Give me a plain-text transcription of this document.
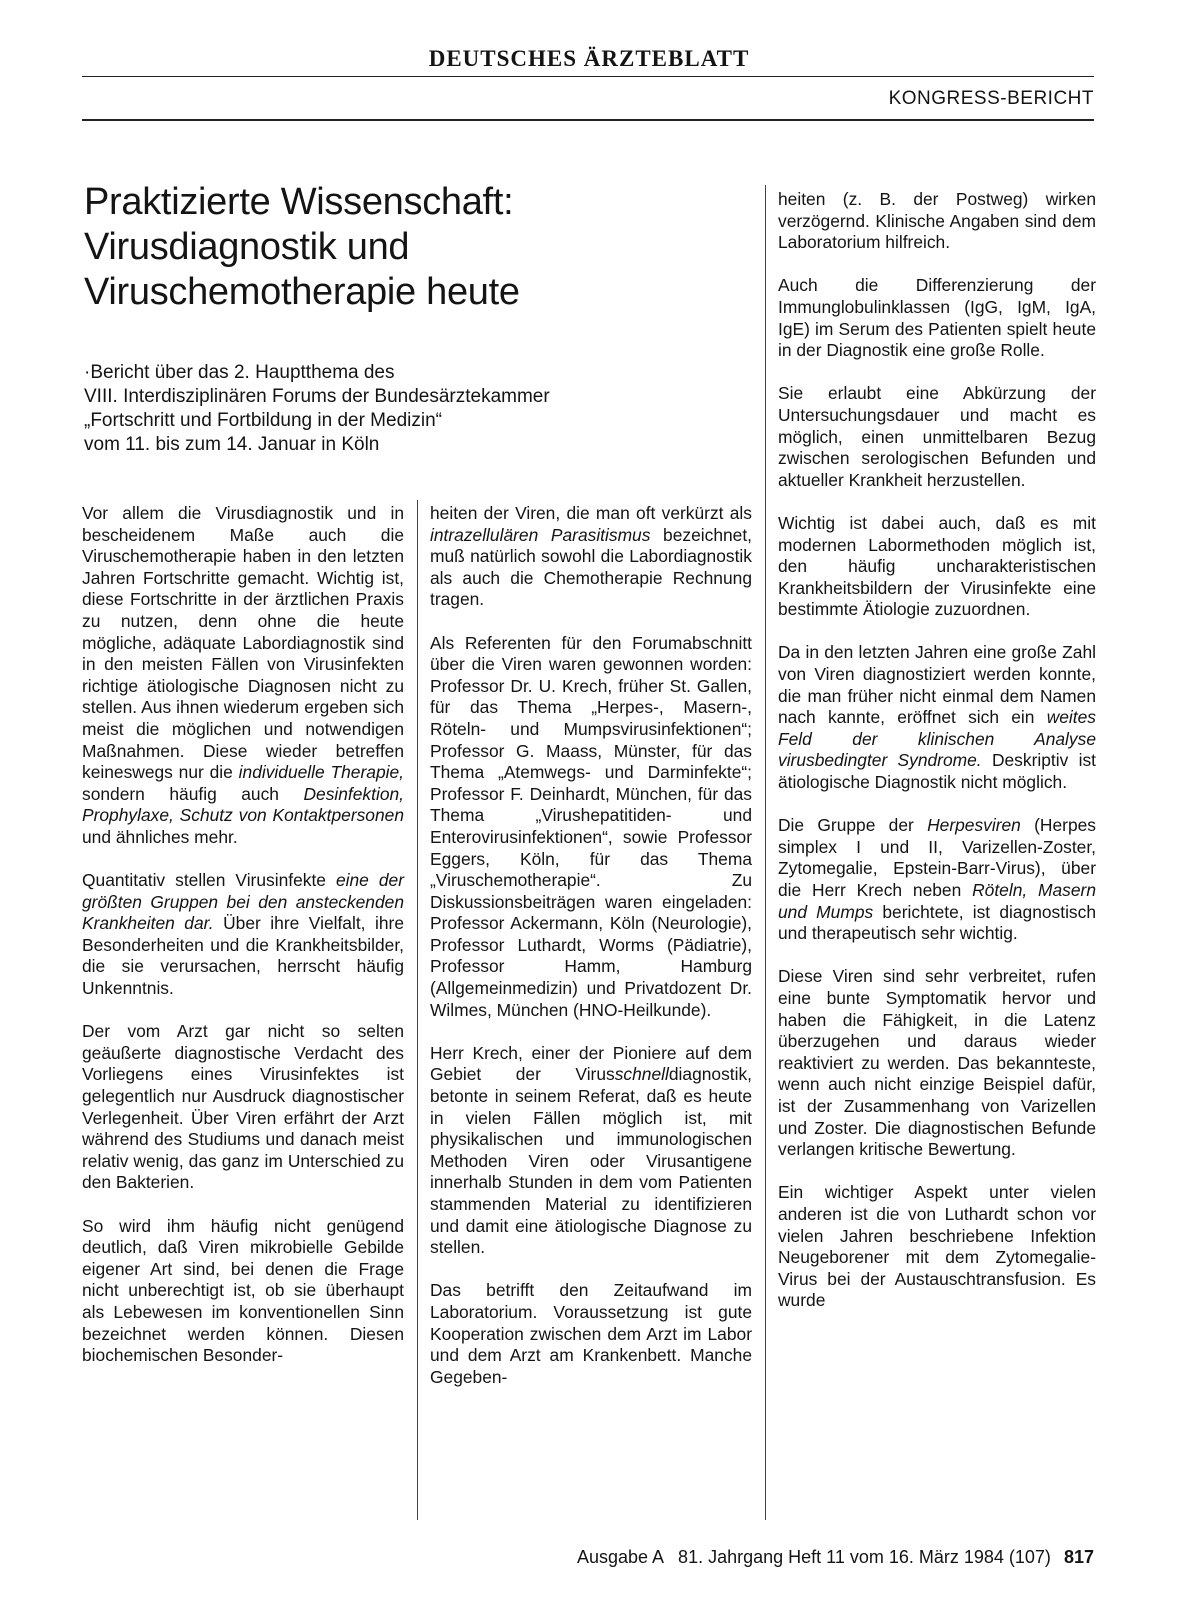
DEUTSCHES ÄRZTEBLATT
KONGRESS-BERICHT
Praktizierte Wissenschaft:
Virusdiagnostik und
Viruschemotherapie heute
·Bericht über das 2. Hauptthema des
VIII. Interdisziplinären Forums der Bundesärztekammer
„Fortschritt und Fortbildung in der Medizin“
vom 11. bis zum 14. Januar in Köln

Vor allem die Virusdiagnostik und in bescheidenem Maße auch die Viruschemotherapie haben in den letzten Jahren Fortschritte gemacht. Wichtig ist, diese Fortschritte in der ärztlichen Praxis zu nutzen, denn ohne die heute mögliche, adäquate Labordiagnostik sind in den meisten Fällen von Virusinfekten richtige ätiologische Diagnosen nicht zu stellen. Aus ihnen wiederum ergeben sich meist die möglichen und notwendigen Maßnahmen. Diese wieder betreffen keineswegs nur die individuelle Therapie, sondern häufig auch Desinfektion, Prophylaxe, Schutz von Kontaktpersonen und ähnliches mehr.

Quantitativ stellen Virusinfekte eine der größten Gruppen bei den ansteckenden Krankheiten dar. Über ihre Vielfalt, ihre Besonderheiten und die Krankheitsbilder, die sie verursachen, herrscht häufig Unkenntnis.

Der vom Arzt gar nicht so selten geäußerte diagnostische Verdacht des Vorliegens eines Virusinfektes ist gelegentlich nur Ausdruck diagnostischer Verlegenheit. Über Viren erfährt der Arzt während des Studiums und danach meist relativ wenig, das ganz im Unterschied zu den Bakterien.

So wird ihm häufig nicht genügend deutlich, daß Viren mikrobielle Gebilde eigener Art sind, bei denen die Frage nicht unberechtigt ist, ob sie überhaupt als Lebewesen im konventionellen Sinn bezeichnet werden können. Diesen biochemischen Besonder-

heiten der Viren, die man oft verkürzt als intrazellulären Parasitismus bezeichnet, muß natürlich sowohl die Labordiagnostik als auch die Chemotherapie Rechnung tragen.

Als Referenten für den Forumabschnitt über die Viren waren gewonnen worden: Professor Dr. U. Krech, früher St. Gallen, für das Thema „Herpes-, Masern-, Röteln- und Mumpsvirusinfektionen“; Professor G. Maass, Münster, für das Thema „Atemwegs- und Darminfekte“; Professor F. Deinhardt, München, für das Thema „Virushepatitiden- und Enterovirusinfektionen“, sowie Professor Eggers, Köln, für das Thema „Viruschemotherapie“. Zu Diskussionsbeiträgen waren eingeladen: Professor Ackermann, Köln (Neurologie), Professor Luthardt, Worms (Pädiatrie), Professor Hamm, Hamburg (Allgemeinmedizin) und Privatdozent Dr. Wilmes, München (HNO-Heilkunde).

Herr Krech, einer der Pioniere auf dem Gebiet der Virusschnelldiagnostik, betonte in seinem Referat, daß es heute in vielen Fällen möglich ist, mit physikalischen und immunologischen Methoden Viren oder Virusantigene innerhalb Stunden in dem vom Patienten stammenden Material zu identifizieren und damit eine ätiologische Diagnose zu stellen.

Das betrifft den Zeitaufwand im Laboratorium. Voraussetzung ist gute Kooperation zwischen dem Arzt im Labor und dem Arzt am Krankenbett. Manche Gegeben-

heiten (z. B. der Postweg) wirken verzögernd. Klinische Angaben sind dem Laboratorium hilfreich.

Auch die Differenzierung der Immunglobulinklassen (IgG, IgM, IgA, IgE) im Serum des Patienten spielt heute in der Diagnostik eine große Rolle.

Sie erlaubt eine Abkürzung der Untersuchungsdauer und macht es möglich, einen unmittelbaren Bezug zwischen serologischen Befunden und aktueller Krankheit herzustellen.

Wichtig ist dabei auch, daß es mit modernen Labormethoden möglich ist, den häufig uncharakteristischen Krankheitsbildern der Virusinfekte eine bestimmte Ätiologie zuzuordnen.

Da in den letzten Jahren eine große Zahl von Viren diagnostiziert werden konnte, die man früher nicht einmal dem Namen nach kannte, eröffnet sich ein weites Feld der klinischen Analyse virusbedingter Syndrome. Deskriptiv ist ätiologische Diagnostik nicht möglich.

Die Gruppe der Herpesviren (Herpes simplex I und II, Varizellen-Zoster, Zytomegalie, Epstein-Barr-Virus), über die Herr Krech neben Röteln, Masern und Mumps berichtete, ist diagnostisch und therapeutisch sehr wichtig.

Diese Viren sind sehr verbreitet, rufen eine bunte Symptomatik hervor und haben die Fähigkeit, in die Latenz überzugehen und daraus wieder reaktiviert zu werden. Das bekannteste, wenn auch nicht einzige Beispiel dafür, ist der Zusammenhang von Varizellen und Zoster. Die diagnostischen Befunde verlangen kritische Bewertung.

Ein wichtiger Aspekt unter vielen anderen ist die von Luthardt schon vor vielen Jahren beschriebene Infektion Neugeborener mit dem Zytomegalie-Virus bei der Austauschtransfusion. Es wurde

Ausgabe A   81. Jahrgang Heft 11 vom 16. März 1984 (107) 817
